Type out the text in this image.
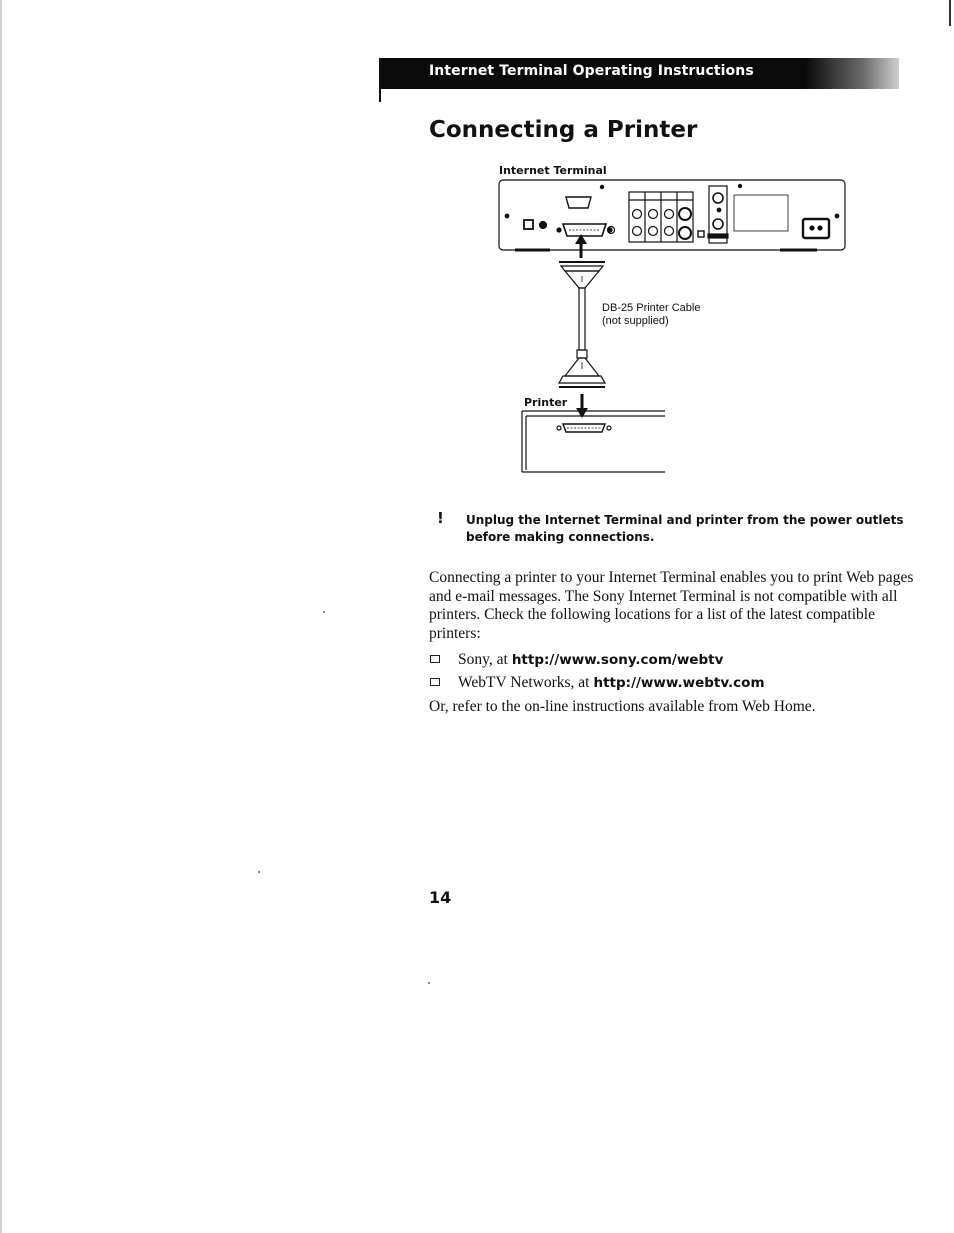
Internet Terminal Operating Instructions
Connecting a Printer
Internet Terminal
DB-25 Printer Cable
(not supplied)
Printer
! Unplug the Internet Terminal and printer from the power outlets before making connections.

Connecting a printer to your Internet Terminal enables you to print Web pages and e-mail messages. The Sony Internet Terminal is not compatible with all printers. Check the following locations for a list of the latest compatible printers:

Sony, at http://www.sony.com/webtv
WebTV Networks, at http://www.webtv.com

Or, refer to the on-line instructions available from Web Home.

14
